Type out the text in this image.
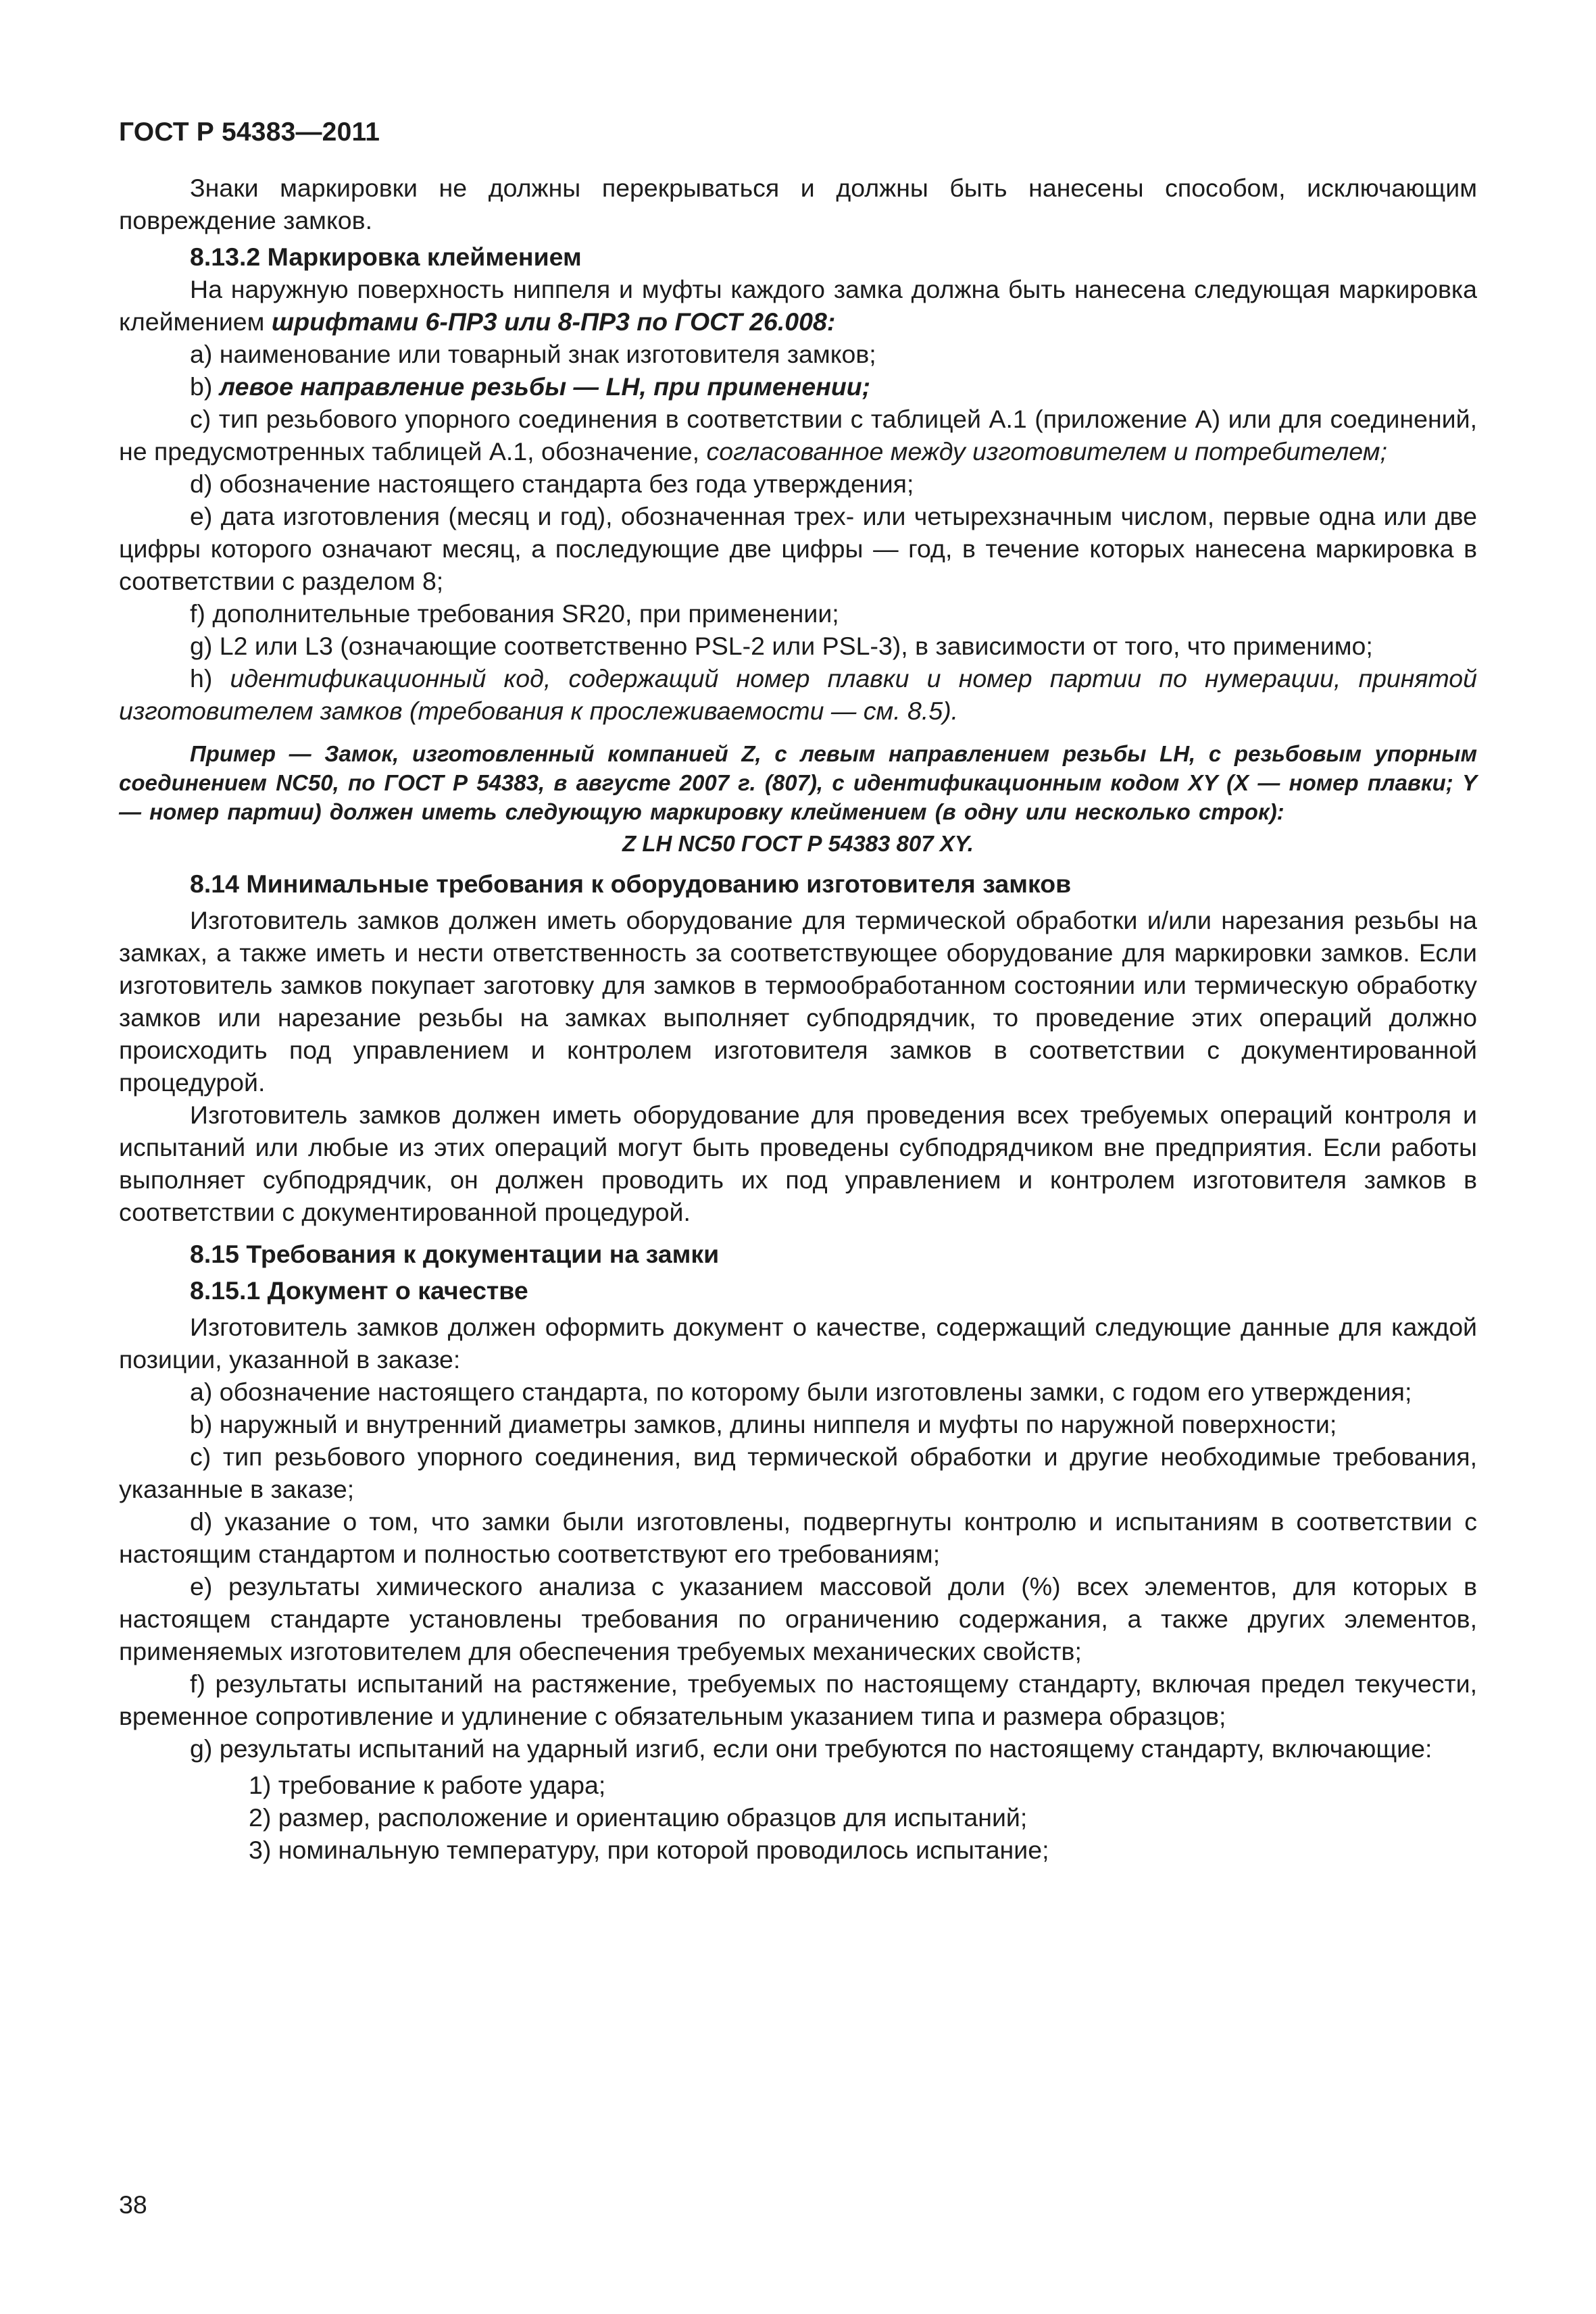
ГОСТ Р 54383—2011

Знаки маркировки не должны перекрываться и должны быть нанесены способом, исключающим повреждение замков.

8.13.2 Маркировка клеймением

На наружную поверхность ниппеля и муфты каждого замка должна быть нанесена следующая маркировка клеймением шрифтами 6-ПР3 или 8-ПР3 по ГОСТ 26.008:

a) наименование или товарный знак изготовителя замков;

b) левое направление резьбы — LH, при применении;

c) тип резьбового упорного соединения в соответствии с таблицей А.1 (приложение А) или для соединений, не предусмотренных таблицей А.1, обозначение, согласованное между изготовителем и потребителем;

d) обозначение настоящего стандарта без года утверждения;

e) дата изготовления (месяц и год), обозначенная трех- или четырехзначным числом, первые одна или две цифры которого означают месяц, а последующие две цифры — год, в течение которых нанесена маркировка в соответствии с разделом 8;

f) дополнительные требования SR20, при применении;

g) L2 или L3 (означающие соответственно PSL-2 или PSL-3), в зависимости от того, что применимо;

h) идентификационный код, содержащий номер плавки и номер партии по нумерации, принятой изготовителем замков (требования к прослеживаемости — см. 8.5).

Пример — Замок, изготовленный компанией Z, с левым направлением резьбы LH, с резьбовым упорным соединением NC50, по ГОСТ Р 54383, в августе 2007 г. (807), с идентификационным кодом XY (X — номер плавки; Y — номер партии) должен иметь следующую маркировку клеймением (в одну или несколько строк):

Z LH NC50 ГОСТ Р 54383 807 XY.

8.14 Минимальные требования к оборудованию изготовителя замков

Изготовитель замков должен иметь оборудование для термической обработки и/или нарезания резьбы на замках, а также иметь и нести ответственность за соответствующее оборудование для маркировки замков. Если изготовитель замков покупает заготовку для замков в термообработанном состоянии или термическую обработку замков или нарезание резьбы на замках выполняет субподрядчик, то проведение этих операций должно происходить под управлением и контролем изготовителя замков в соответствии с документированной процедурой.

Изготовитель замков должен иметь оборудование для проведения всех требуемых операций контроля и испытаний или любые из этих операций могут быть проведены субподрядчиком вне предприятия. Если работы выполняет субподрядчик, он должен проводить их под управлением и контролем изготовителя замков в соответствии с документированной процедурой.

8.15 Требования к документации на замки

8.15.1 Документ о качестве

Изготовитель замков должен оформить документ о качестве, содержащий следующие данные для каждой позиции, указанной в заказе:

a) обозначение настоящего стандарта, по которому были изготовлены замки, с годом его утверждения;

b) наружный и внутренний диаметры замков, длины ниппеля и муфты по наружной поверхности;

c) тип резьбового упорного соединения, вид термической обработки и другие необходимые требования, указанные в заказе;

d) указание о том, что замки были изготовлены, подвергнуты контролю и испытаниям в соответствии с настоящим стандартом и полностью соответствуют его требованиям;

e) результаты химического анализа с указанием массовой доли (%) всех элементов, для которых в настоящем стандарте установлены требования по ограничению содержания, а также других элементов, применяемых изготовителем для обеспечения требуемых механических свойств;

f) результаты испытаний на растяжение, требуемых по настоящему стандарту, включая предел текучести, временное сопротивление и удлинение с обязательным указанием типа и размера образцов;

g) результаты испытаний на ударный изгиб, если они требуются по настоящему стандарту, включающие:

1) требование к работе удара;

2) размер, расположение и ориентацию образцов для испытаний;

3) номинальную температуру, при которой проводилось испытание;

38
